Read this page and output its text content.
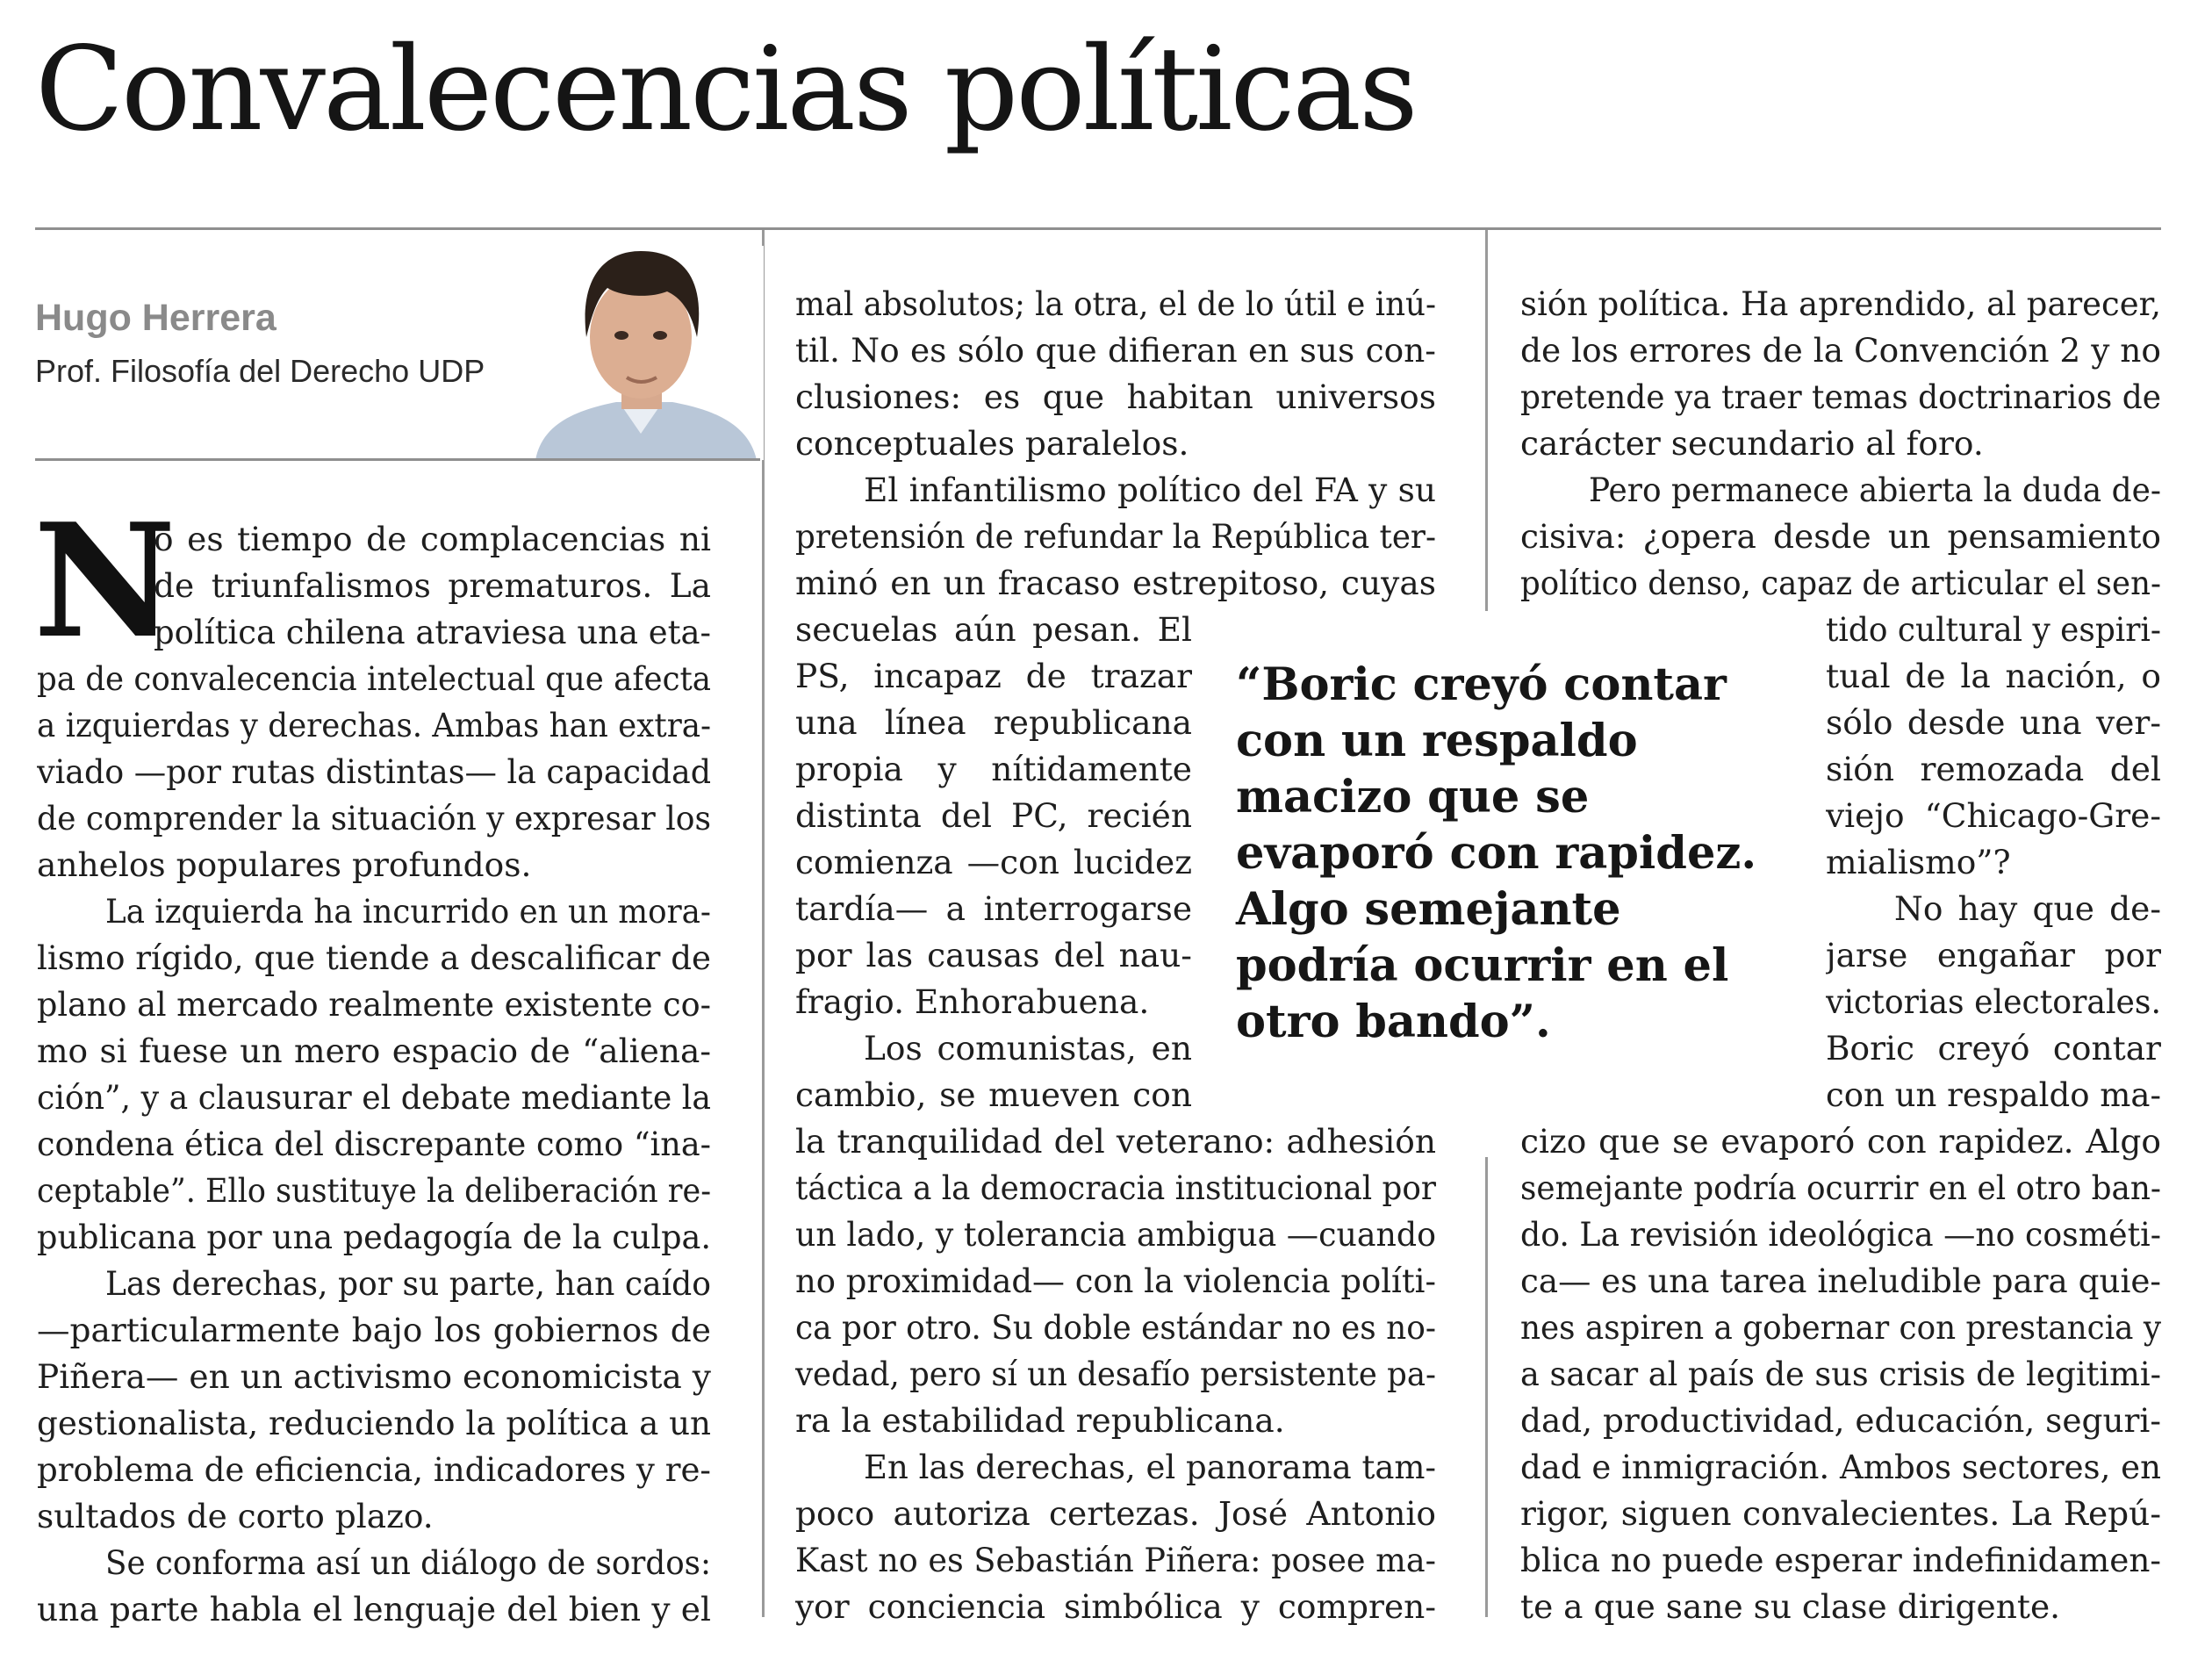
Convalecencias políticas
Hugo Herrera
Prof. Filosofía del Derecho UDP
N
o es tiempo de complacencias ni
de triunfalismos prematuros. La
política chilena atraviesa una eta-
pa de convalecencia intelectual que afecta
a izquierdas y derechas. Ambas han extra-
viado —por rutas distintas— la capacidad
de comprender la situación y expresar los
anhelos populares profundos.
La izquierda ha incurrido en un mora-
lismo rígido, que tiende a descalificar de
plano al mercado realmente existente co-
mo si fuese un mero espacio de “aliena-
ción”, y a clausurar el debate mediante la
condena ética del discrepante como “ina-
ceptable”. Ello sustituye la deliberación re-
publicana por una pedagogía de la culpa.
Las derechas, por su parte, han caído
—particularmente bajo los gobiernos de
Piñera— en un activismo economicista y
gestionalista, reduciendo la política a un
problema de eficiencia, indicadores y re-
sultados de corto plazo.
Se conforma así un diálogo de sordos:
una parte habla el lenguaje del bien y el
mal absolutos; la otra, el de lo útil e inú-
til. No es sólo que difieran en sus con-
clusiones: es que habitan universos
conceptuales paralelos.
El infantilismo político del FA y su
pretensión de refundar la República ter-
minó en un fracaso estrepitoso, cuyas
secuelas aún pesan. El
PS, incapaz de trazar
una línea republicana
propia y nítidamente
distinta del PC, recién
comienza —con lucidez
tardía— a interrogarse
por las causas del nau-
fragio. Enhorabuena.
Los comunistas, en
cambio, se mueven con
la tranquilidad del veterano: adhesión
táctica a la democracia institucional por
un lado, y tolerancia ambigua —cuando
no proximidad— con la violencia políti-
ca por otro. Su doble estándar no es no-
vedad, pero sí un desafío persistente pa-
ra la estabilidad republicana.
En las derechas, el panorama tam-
poco autoriza certezas. José Antonio
Kast no es Sebastián Piñera: posee ma-
yor conciencia simbólica y compren-
sión política. Ha aprendido, al parecer,
de los errores de la Convención 2 y no
pretende ya traer temas doctrinarios de
carácter secundario al foro.
Pero permanece abierta la duda de-
cisiva: ¿opera desde un pensamiento
político denso, capaz de articular el sen-
tido cultural y espiri-
tual de la nación, o
sólo desde una ver-
sión remozada del
viejo “Chicago-Gre-
mialismo”?
No hay que de-
jarse engañar por
victorias electorales.
Boric creyó contar
con un respaldo ma-
cizo que se evaporó con rapidez. Algo
semejante podría ocurrir en el otro ban-
do. La revisión ideológica —no cosméti-
ca— es una tarea ineludible para quie-
nes aspiren a gobernar con prestancia y
a sacar al país de sus crisis de legitimi-
dad, productividad, educación, seguri-
dad e inmigración. Ambos sectores, en
rigor, siguen convalecientes. La Repú-
blica no puede esperar indefinidamen-
te a que sane su clase dirigente.
“Boric creyó contar con un respaldo macizo que se evaporó con rapidez. Algo semejante podría ocurrir en el otro bando”.
